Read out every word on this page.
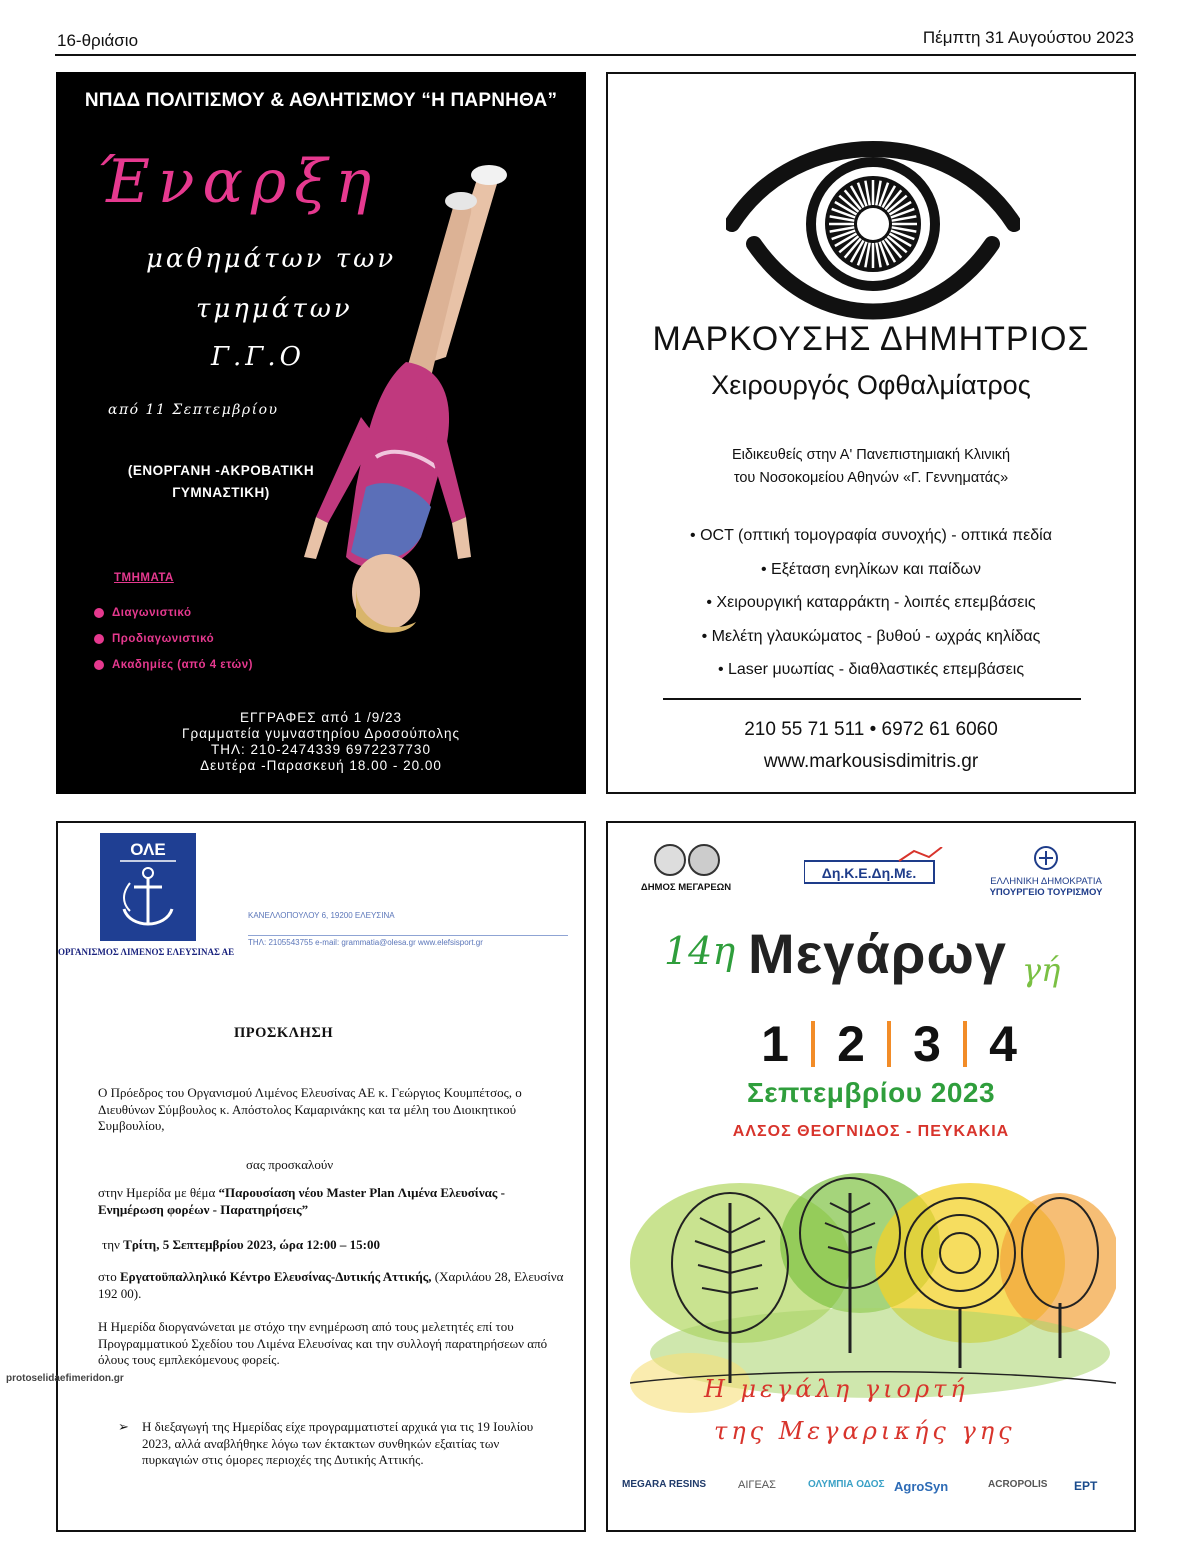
16-θριάσιο	Πέμπτη 31 Αυγούστου 2023
ΝΠΔΔ ΠΟΛΙΤΙΣΜΟΥ & ΑΘΛΗΤΙΣΜΟΥ “Η ΠΑΡΝΗΘΑ”
Έναρξη
μαθημάτων των
τμημάτων
Γ.Γ.Ο
από 11 Σεπτεμβρίου
(ΕΝΟΡΓΑΝΗ -ΑΚΡΟΒΑΤΙΚΗ
ΓΥΜΝΑΣΤΙΚΗ)
ΤΜΗΜΑΤΑ
Διαγωνιστικό
Προδιαγωνιστικό
Ακαδημίες (από 4 ετών)
ΕΓΓΡΑΦΕΣ από 1 /9/23
Γραμματεία γυμναστηρίου Δροσούπολης
ΤΗΛ: 210-2474339 6972237730
Δευτέρα -Παρασκευή 18.00 - 20.00
ΜΑΡΚΟΥΣΗΣ ΔΗΜΗΤΡΙΟΣ
Χειρουργός Οφθαλμίατρος
Ειδικευθείς στην Α' Πανεπιστημιακή Κλινική
του Νοσοκομείου Αθηνών «Γ. Γεννηματάς»
• OCT (οπτική τομογραφία συνοχής) - οπτικά πεδία
• Εξέταση ενηλίκων και παίδων
• Χειρουργική καταρράκτη - λοιπές επεμβάσεις
• Μελέτη γλαυκώματος - βυθού - ωχράς κηλίδας
• Laser μυωπίας - διαθλαστικές επεμβάσεις
210 55 71 511 • 6972 61 6060
www.markousisdimitris.gr
ΟΛΕ
ΟΡΓΑΝΙΣΜΟΣ ΛΙΜΕΝΟΣ ΕΛΕΥΣΙΝΑΣ ΑΕ
ΚΑΝΕΛΛΟΠΟΥΛΟΥ 6, 19200 ΕΛΕΥΣΙΝΑ
ΤΗΛ: 2105543755 e-mail: grammatia@olesa.gr www.elefsisport.gr
ΠΡΟΣΚΛΗΣΗ
Ο Πρόεδρος του Οργανισμού Λιμένος Ελευσίνας ΑΕ κ. Γεώργιος Κουμπέτσος, ο Διευθύνων Σύμβουλος κ. Απόστολος Καμαρινάκης και τα μέλη του Διοικητικού Συμβουλίου,
σας προσκαλούν
στην Ημερίδα με θέμα “Παρουσίαση νέου Master Plan Λιμένα Ελευσίνας - Ενημέρωση φορέων - Παρατηρήσεις”
την Τρίτη, 5 Σεπτεμβρίου 2023, ώρα 12:00 – 15:00
στο Εργατοϋπαλληλικό Κέντρο Ελευσίνας-Δυτικής Αττικής, (Χαριλάου 28, Ελευσίνα 192 00).
Η Ημερίδα διοργανώνεται με στόχο την ενημέρωση από τους μελετητές επί του Προγραμματικού Σχεδίου του Λιμένα Ελευσίνας και την συλλογή παρατηρήσεων από όλους τους εμπλεκόμενους φορείς.
➢ Η διεξαγωγή της Ημερίδας είχε προγραμματιστεί αρχικά για τις 19 Ιουλίου 2023, αλλά αναβλήθηκε λόγω των έκτακτων συνθηκών εξαιτίας των πυρκαγιών στις όμορες περιοχές της Δυτικής Αττικής.
ΔΗΜΟΣ ΜΕΓΑΡΕΩΝ
Δη.Κ.Ε.Δη.Με.
ΕΛΛΗΝΙΚΗ ΔΗΜΟΚΡΑΤΙΑ
ΥΠΟΥΡΓΕΙΟ ΤΟΥΡΙΣΜΟΥ
14η Μεγάρωγ γή
1 2 3 4
Σεπτεμβρίου 2023
ΑΛΣΟΣ ΘΕΟΓΝΙΔΟΣ - ΠΕΥΚΑΚΙΑ
Η μεγάλη γιορτή
της Μεγαρικής γης
MEGARA RESINS	ΑΙΓΕΑΣ	ΟΛΥΜΠΙΑ ΟΔΟΣ AgroSyn	ACROPOLIS ΕΡΤ
protoselidaefimeridon.gr
